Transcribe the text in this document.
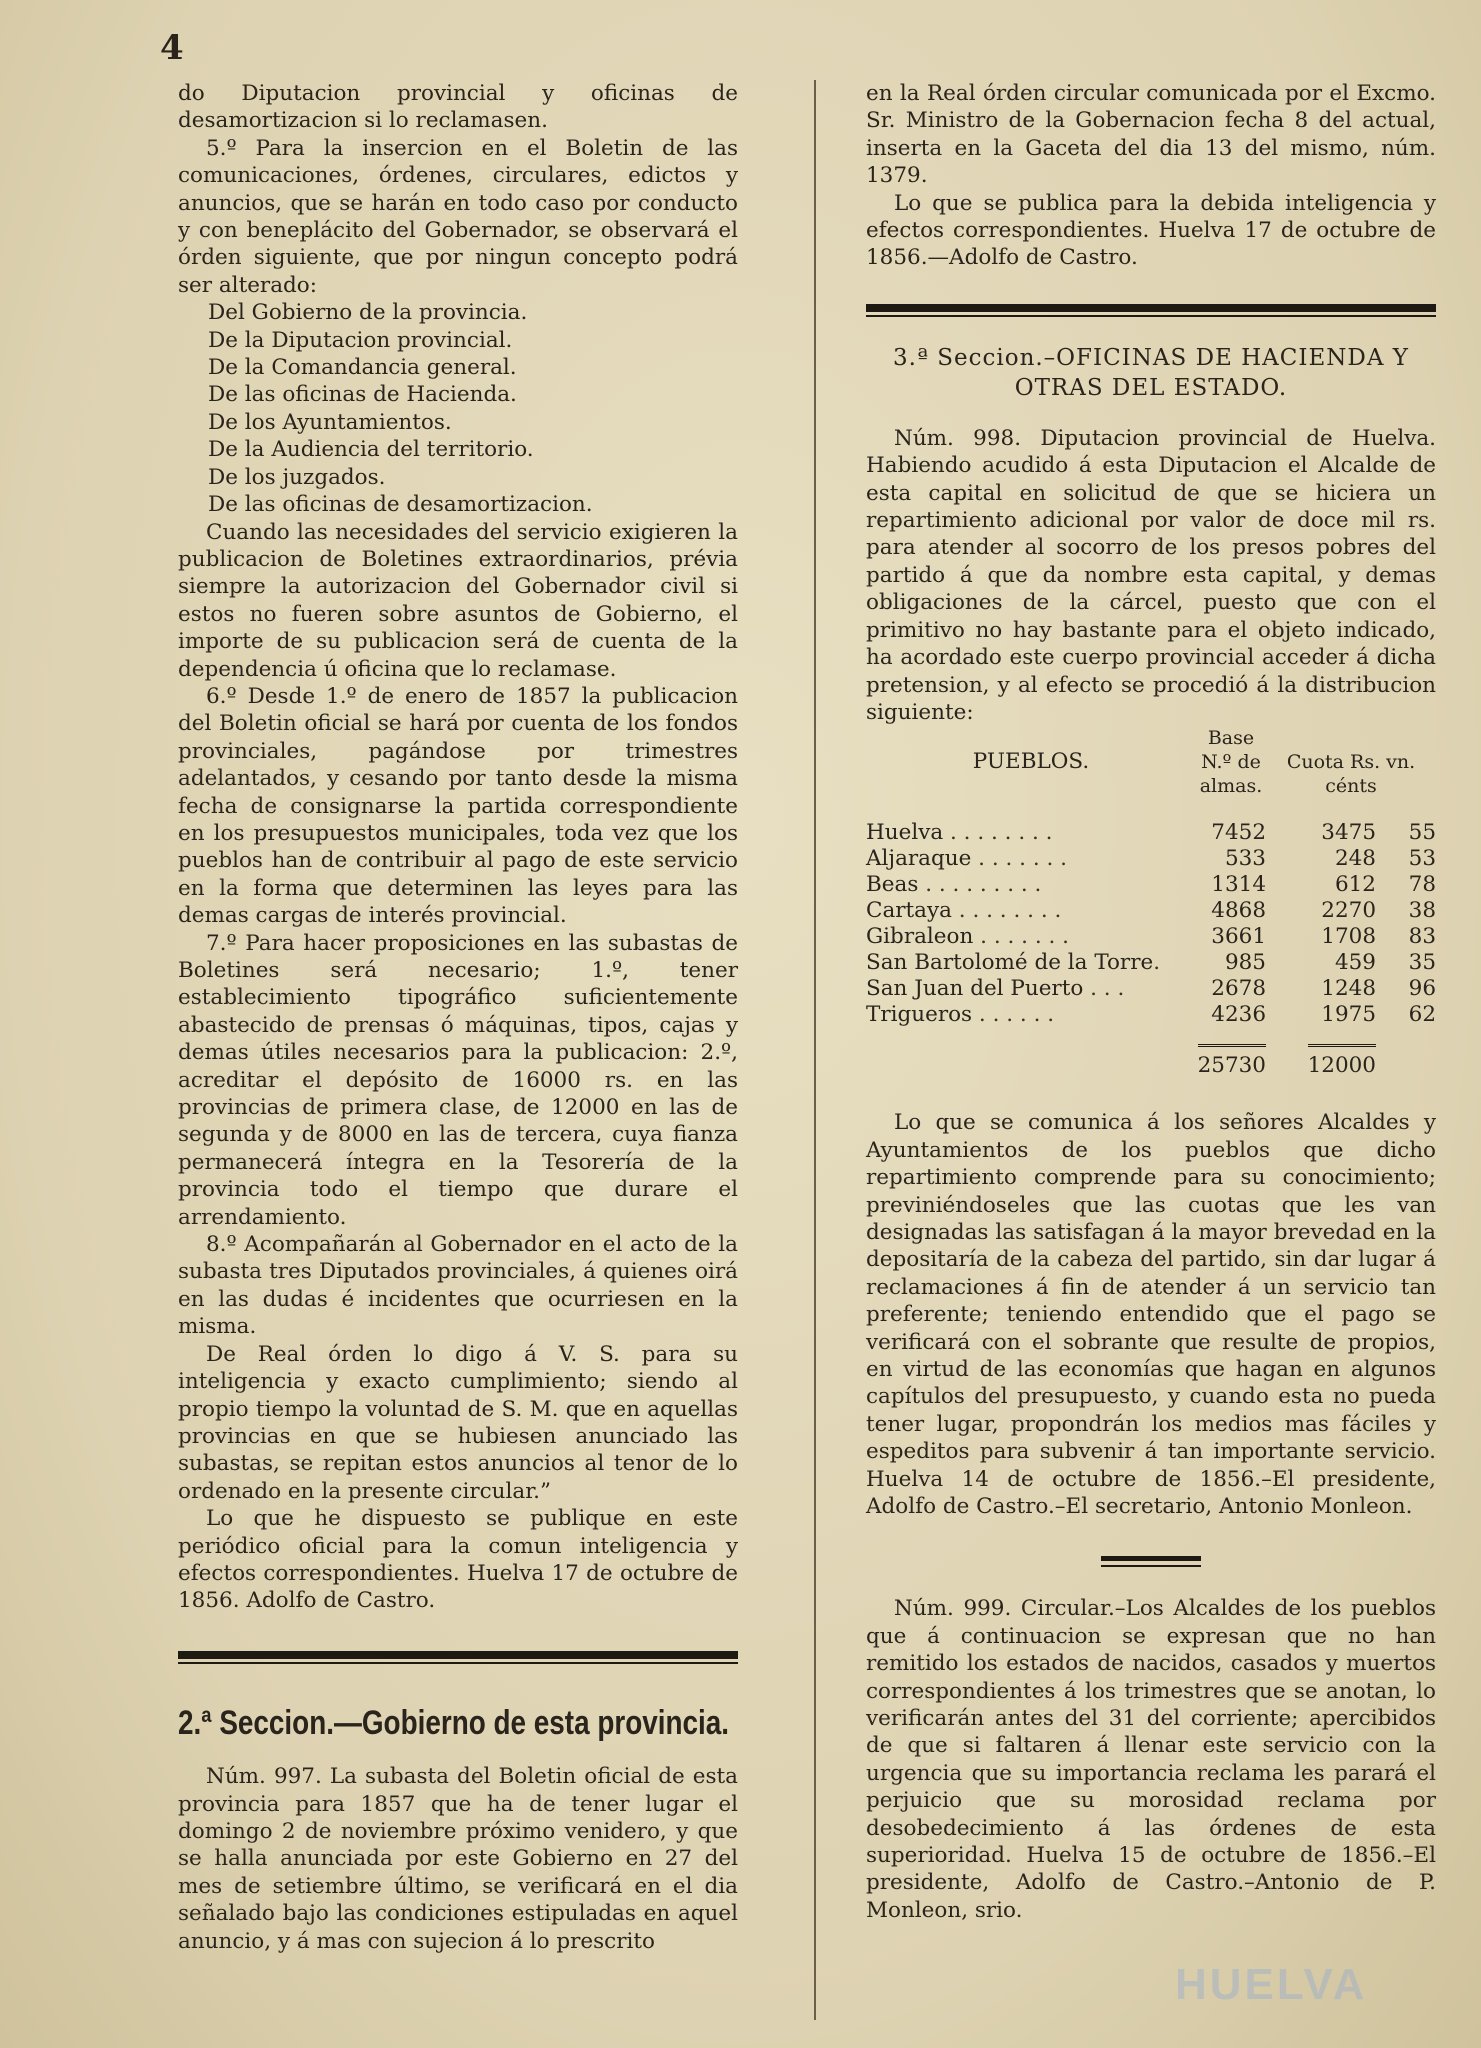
4

do Diputacion provincial y oficinas de desamortizacion si lo reclamasen.

5.º Para la insercion en el Boletin de las comunicaciones, órdenes, circulares, edictos y anuncios, que se harán en todo caso por conducto y con beneplácito del Gobernador, se observará el órden siguiente, que por ningun concepto podrá ser alterado:

Del Gobierno de la provincia.

De la Diputacion provincial.

De la Comandancia general.

De las oficinas de Hacienda.

De los Ayuntamientos.

De la Audiencia del territorio.

De los juzgados.

De las oficinas de desamortizacion.

Cuando las necesidades del servicio exigieren la publicacion de Boletines extraordinarios, prévia siempre la autorizacion del Gobernador civil si estos no fueren sobre asuntos de Gobierno, el importe de su publicacion será de cuenta de la dependencia ú oficina que lo reclamase.

6.º Desde 1.º de enero de 1857 la publicacion del Boletin oficial se hará por cuenta de los fondos provinciales, pagándose por trimestres adelantados, y cesando por tanto desde la misma fecha de consignarse la partida correspondiente en los presupuestos municipales, toda vez que los pueblos han de contribuir al pago de este servicio en la forma que determinen las leyes para las demas cargas de interés provincial.

7.º Para hacer proposiciones en las subastas de Boletines será necesario; 1.º, tener establecimiento tipográfico suficientemente abastecido de prensas ó máquinas, tipos, cajas y demas útiles necesarios para la publicacion: 2.º, acreditar el depósito de 16000 rs. en las provincias de primera clase, de 12000 en las de segunda y de 8000 en las de tercera, cuya fianza permanecerá íntegra en la Tesorería de la provincia todo el tiempo que durare el arrendamiento.

8.º Acompañarán al Gobernador en el acto de la subasta tres Diputados provinciales, á quienes oirá en las dudas é incidentes que ocurriesen en la misma.

De Real órden lo digo á V. S. para su inteligencia y exacto cumplimiento; siendo al propio tiempo la voluntad de S. M. que en aquellas provincias en que se hubiesen anunciado las subastas, se repitan estos anuncios al tenor de lo ordenado en la presente circular.”

Lo que he dispuesto se publique en este periódico oficial para la comun inteligencia y efectos correspondientes. Huelva 17 de octubre de 1856. Adolfo de Castro.

2.ª Seccion.—Gobierno de esta provincia.

Núm. 997. La subasta del Boletin oficial de esta provincia para 1857 que ha de tener lugar el domingo 2 de noviembre próximo venidero, y que se halla anunciada por este Gobierno en 27 del mes de setiembre último, se verificará en el dia señalado bajo las condiciones estipuladas en aquel anuncio, y á mas con sujecion á lo prescrito

en la Real órden circular comunicada por el Excmo. Sr. Ministro de la Gobernacion fecha 8 del actual, inserta en la Gaceta del dia 13 del mismo, núm. 1379.

Lo que se publica para la debida inteligencia y efectos correspondientes. Huelva 17 de octubre de 1856.—Adolfo de Castro.

3.ª Seccion.–OFICINAS DE HACIENDA Y OTRAS DEL ESTADO.

Núm. 998. Diputacion provincial de Huelva. Habiendo acudido á esta Diputacion el Alcalde de esta capital en solicitud de que se hiciera un repartimiento adicional por valor de doce mil rs. para atender al socorro de los presos pobres del partido á que da nombre esta capital, y demas obligaciones de la cárcel, puesto que con el primitivo no hay bastante para el objeto indicado, ha acordado este cuerpo provincial acceder á dicha pretension, y al efecto se procedió á la distribucion siguiente:

PUEBLOS.	Base N.º de almas.	Cuota Rs. vn. cénts	

Huelva . . . . . . . .	7452	3475	55
Aljaraque . . . . . . .	533	248	53
Beas . . . . . . . . .	1314	612	78
Cartaya . . . . . . . .	4868	2270	38
Gibraleon . . . . . . .	3661	1708	83
San Bartolomé de la Torre.	985	459	35
San Juan del Puerto . . .	2678	1248	96
Trigueros . . . . . .	4236	1975	62
	25730	12000	

Lo que se comunica á los señores Alcaldes y Ayuntamientos de los pueblos que dicho repartimiento comprende para su conocimiento; previniéndoseles que las cuotas que les van designadas las satisfagan á la mayor brevedad en la depositaría de la cabeza del partido, sin dar lugar á reclamaciones á fin de atender á un servicio tan preferente; teniendo entendido que el pago se verificará con el sobrante que resulte de propios, en virtud de las economías que hagan en algunos capítulos del presupuesto, y cuando esta no pueda tener lugar, propondrán los medios mas fáciles y espeditos para subvenir á tan importante servicio. Huelva 14 de octubre de 1856.–El presidente, Adolfo de Castro.–El secretario, Antonio Monleon.

Núm. 999. Circular.–Los Alcaldes de los pueblos que á continuacion se expresan que no han remitido los estados de nacidos, casados y muertos correspondientes á los trimestres que se anotan, lo verificarán antes del 31 del corriente; apercibidos de que si faltaren á llenar este servicio con la urgencia que su importancia reclama les parará el perjuicio que su morosidad reclama por desobedecimiento á las órdenes de esta superioridad. Huelva 15 de octubre de 1856.–El presidente, Adolfo de Castro.–Antonio de P. Monleon, srio.

HUELVA
